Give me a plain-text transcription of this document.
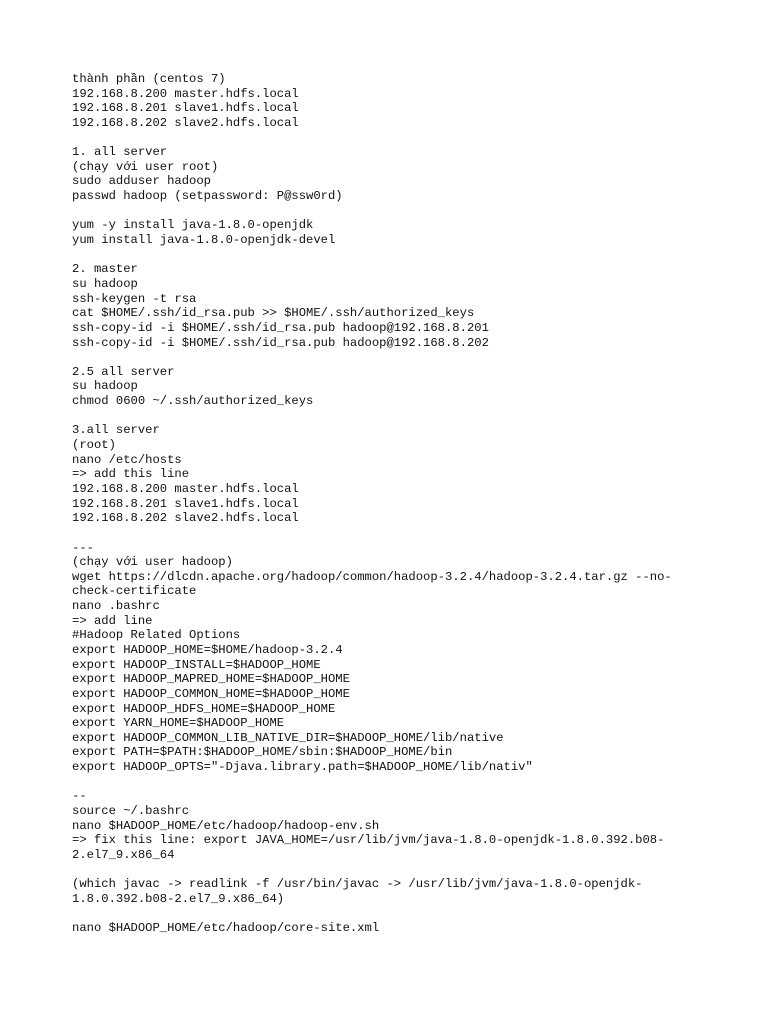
thành phần (centos 7)
192.168.8.200 master.hdfs.local
192.168.8.201 slave1.hdfs.local
192.168.8.202 slave2.hdfs.local
1. all server
(chạy với user root)
sudo adduser hadoop
passwd hadoop (setpassword: P@ssw0rd)
yum -y install java-1.8.0-openjdk
yum install java-1.8.0-openjdk-devel
2. master
su hadoop
ssh-keygen -t rsa
cat $HOME/.ssh/id_rsa.pub >> $HOME/.ssh/authorized_keys
ssh-copy-id -i $HOME/.ssh/id_rsa.pub hadoop@192.168.8.201
ssh-copy-id -i $HOME/.ssh/id_rsa.pub hadoop@192.168.8.202
2.5 all server
su hadoop
chmod 0600 ~/.ssh/authorized_keys
3.all server
(root)
nano /etc/hosts
=> add this line
192.168.8.200 master.hdfs.local
192.168.8.201 slave1.hdfs.local
192.168.8.202 slave2.hdfs.local
---
(chạy với user hadoop)
wget https://dlcdn.apache.org/hadoop/common/hadoop-3.2.4/hadoop-3.2.4.tar.gz --no-
check-certificate
nano .bashrc
=> add line
#Hadoop Related Options
export HADOOP_HOME=$HOME/hadoop-3.2.4
export HADOOP_INSTALL=$HADOOP_HOME
export HADOOP_MAPRED_HOME=$HADOOP_HOME
export HADOOP_COMMON_HOME=$HADOOP_HOME
export HADOOP_HDFS_HOME=$HADOOP_HOME
export YARN_HOME=$HADOOP_HOME
export HADOOP_COMMON_LIB_NATIVE_DIR=$HADOOP_HOME/lib/native
export PATH=$PATH:$HADOOP_HOME/sbin:$HADOOP_HOME/bin
export HADOOP_OPTS="-Djava.library.path=$HADOOP_HOME/lib/nativ"
--
source ~/.bashrc
nano $HADOOP_HOME/etc/hadoop/hadoop-env.sh
=> fix this line: export JAVA_HOME=/usr/lib/jvm/java-1.8.0-openjdk-1.8.0.392.b08-
2.el7_9.x86_64
(which javac -> readlink -f /usr/bin/javac -> /usr/lib/jvm/java-1.8.0-openjdk-
1.8.0.392.b08-2.el7_9.x86_64)
nano $HADOOP_HOME/etc/hadoop/core-site.xml
